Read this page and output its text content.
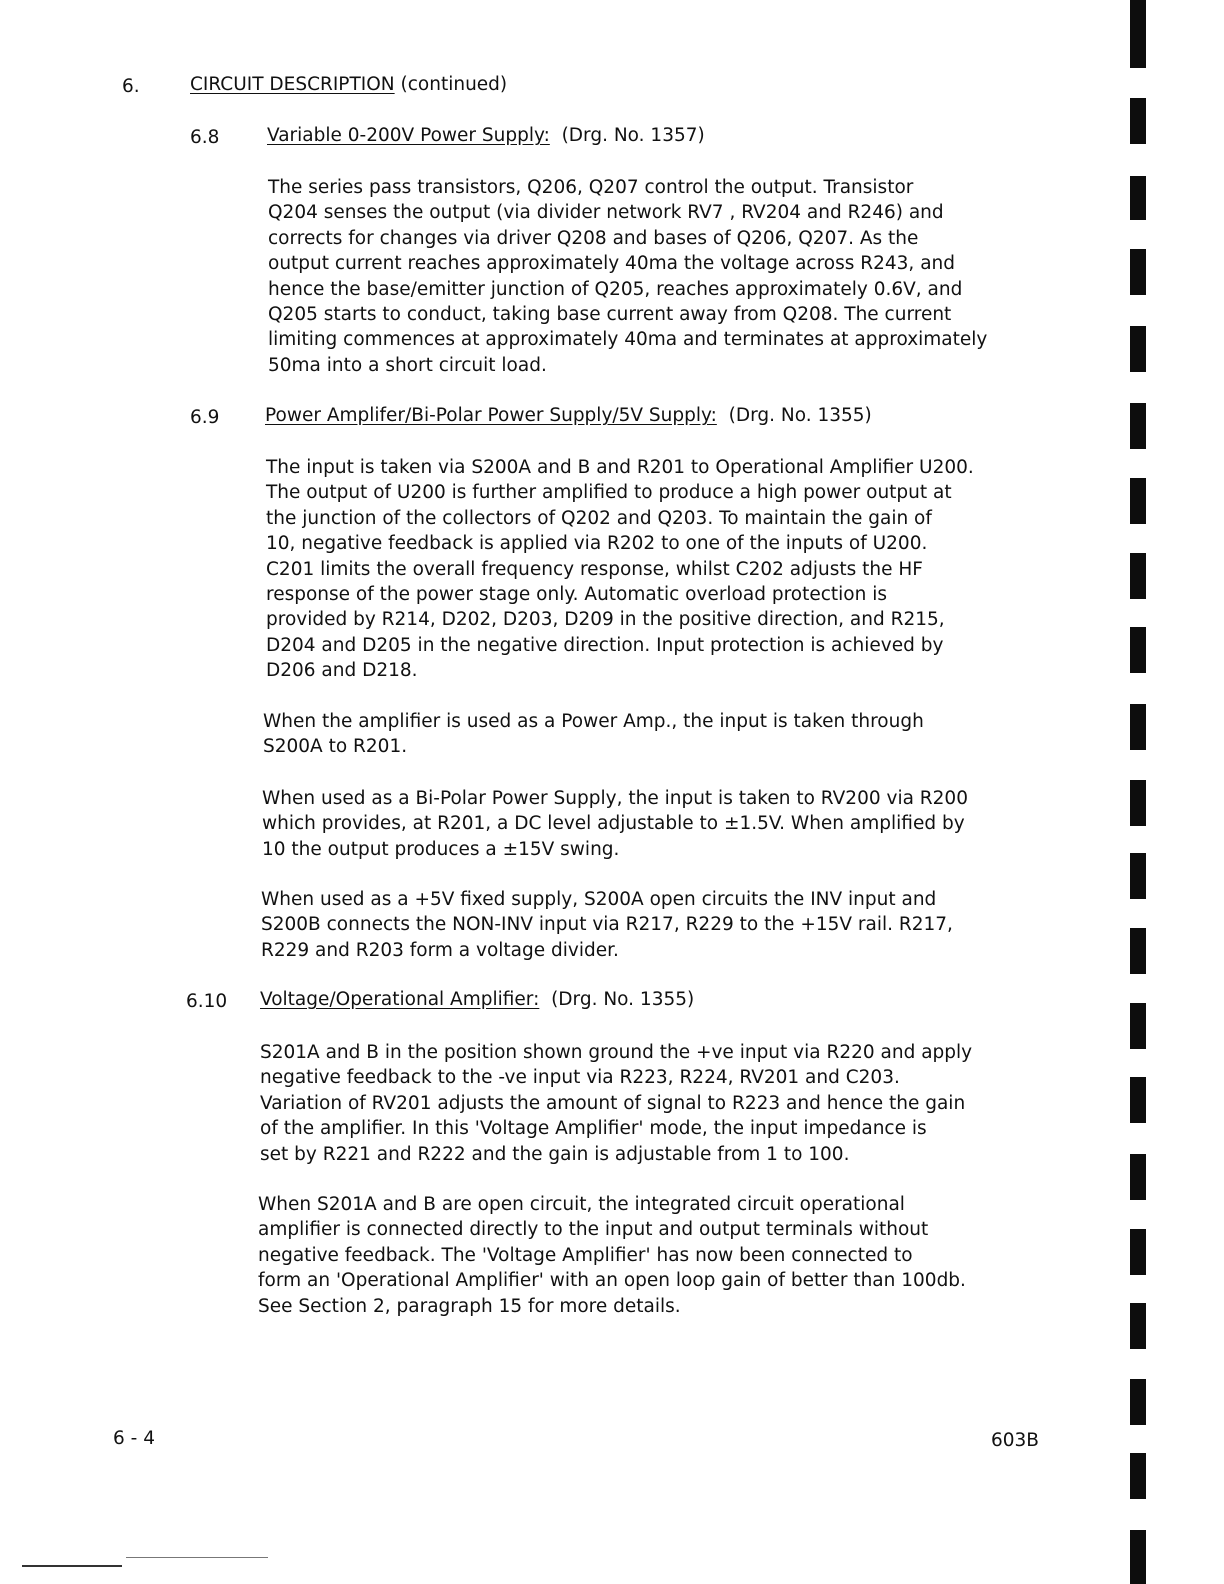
6.	CIRCUIT DESCRIPTION (continued)
6.8	Variable 0-200V Power Supply: (Drg. No. 1357)
The series pass transistors, Q206, Q207 control the output. Transistor
Q204 senses the output (via divider network RV7 , RV204 and R246) and
corrects for changes via driver Q208 and bases of Q206, Q207. As the
output current reaches approximately 40ma the voltage across R243, and
hence the base/emitter junction of Q205, reaches approximately 0.6V, and
Q205 starts to conduct, taking base current away from Q208. The current
limiting commences at approximately 40ma and terminates at approximately
50ma into a short circuit load.
6.9 Power Amplifer/Bi-Polar Power Supply/5V Supply: (Drg. No. 1355)
The input is taken via S200A and B and R201 to Operational Amplifier U200.
The output of U200 is further amplified to produce a high power output at
the junction of the collectors of Q202 and Q203. To maintain the gain of
10, negative feedback is applied via R202 to one of the inputs of U200.
C201 limits the overall frequency response, whilst C202 adjusts the HF
response of the power stage only. Automatic overload protection is
provided by R214, D202, D203, D209 in the positive direction, and R215,
D204 and D205 in the negative direction. Input protection is achieved by
D206 and D218.
When the amplifier is used as a Power Amp., the input is taken through
S200A to R201.
When used as a Bi-Polar Power Supply, the input is taken to RV200 via R200
which provides, at R201, a DC level adjustable to ±1.5V. When amplified by
10 the output produces a ±15V swing.
When used as a +5V fixed supply, S200A open circuits the INV input and
S200B connects the NON-INV input via R217, R229 to the +15V rail. R217,
R229 and R203 form a voltage divider.
6.10 Voltage/Operational Amplifier: (Drg. No. 1355)
S201A and B in the position shown ground the +ve input via R220 and apply
negative feedback to the -ve input via R223, R224, RV201 and C203.
Variation of RV201 adjusts the amount of signal to R223 and hence the gain
of the amplifier. In this 'Voltage Amplifier' mode, the input impedance is
set by R221 and R222 and the gain is adjustable from 1 to 100.
When S201A and B are open circuit, the integrated circuit operational
amplifier is connected directly to the input and output terminals without
negative feedback. The 'Voltage Amplifier' has now been connected to
form an 'Operational Amplifier' with an open loop gain of better than 100db.
See Section 2, paragraph 15 for more details.
6 - 4	603B
